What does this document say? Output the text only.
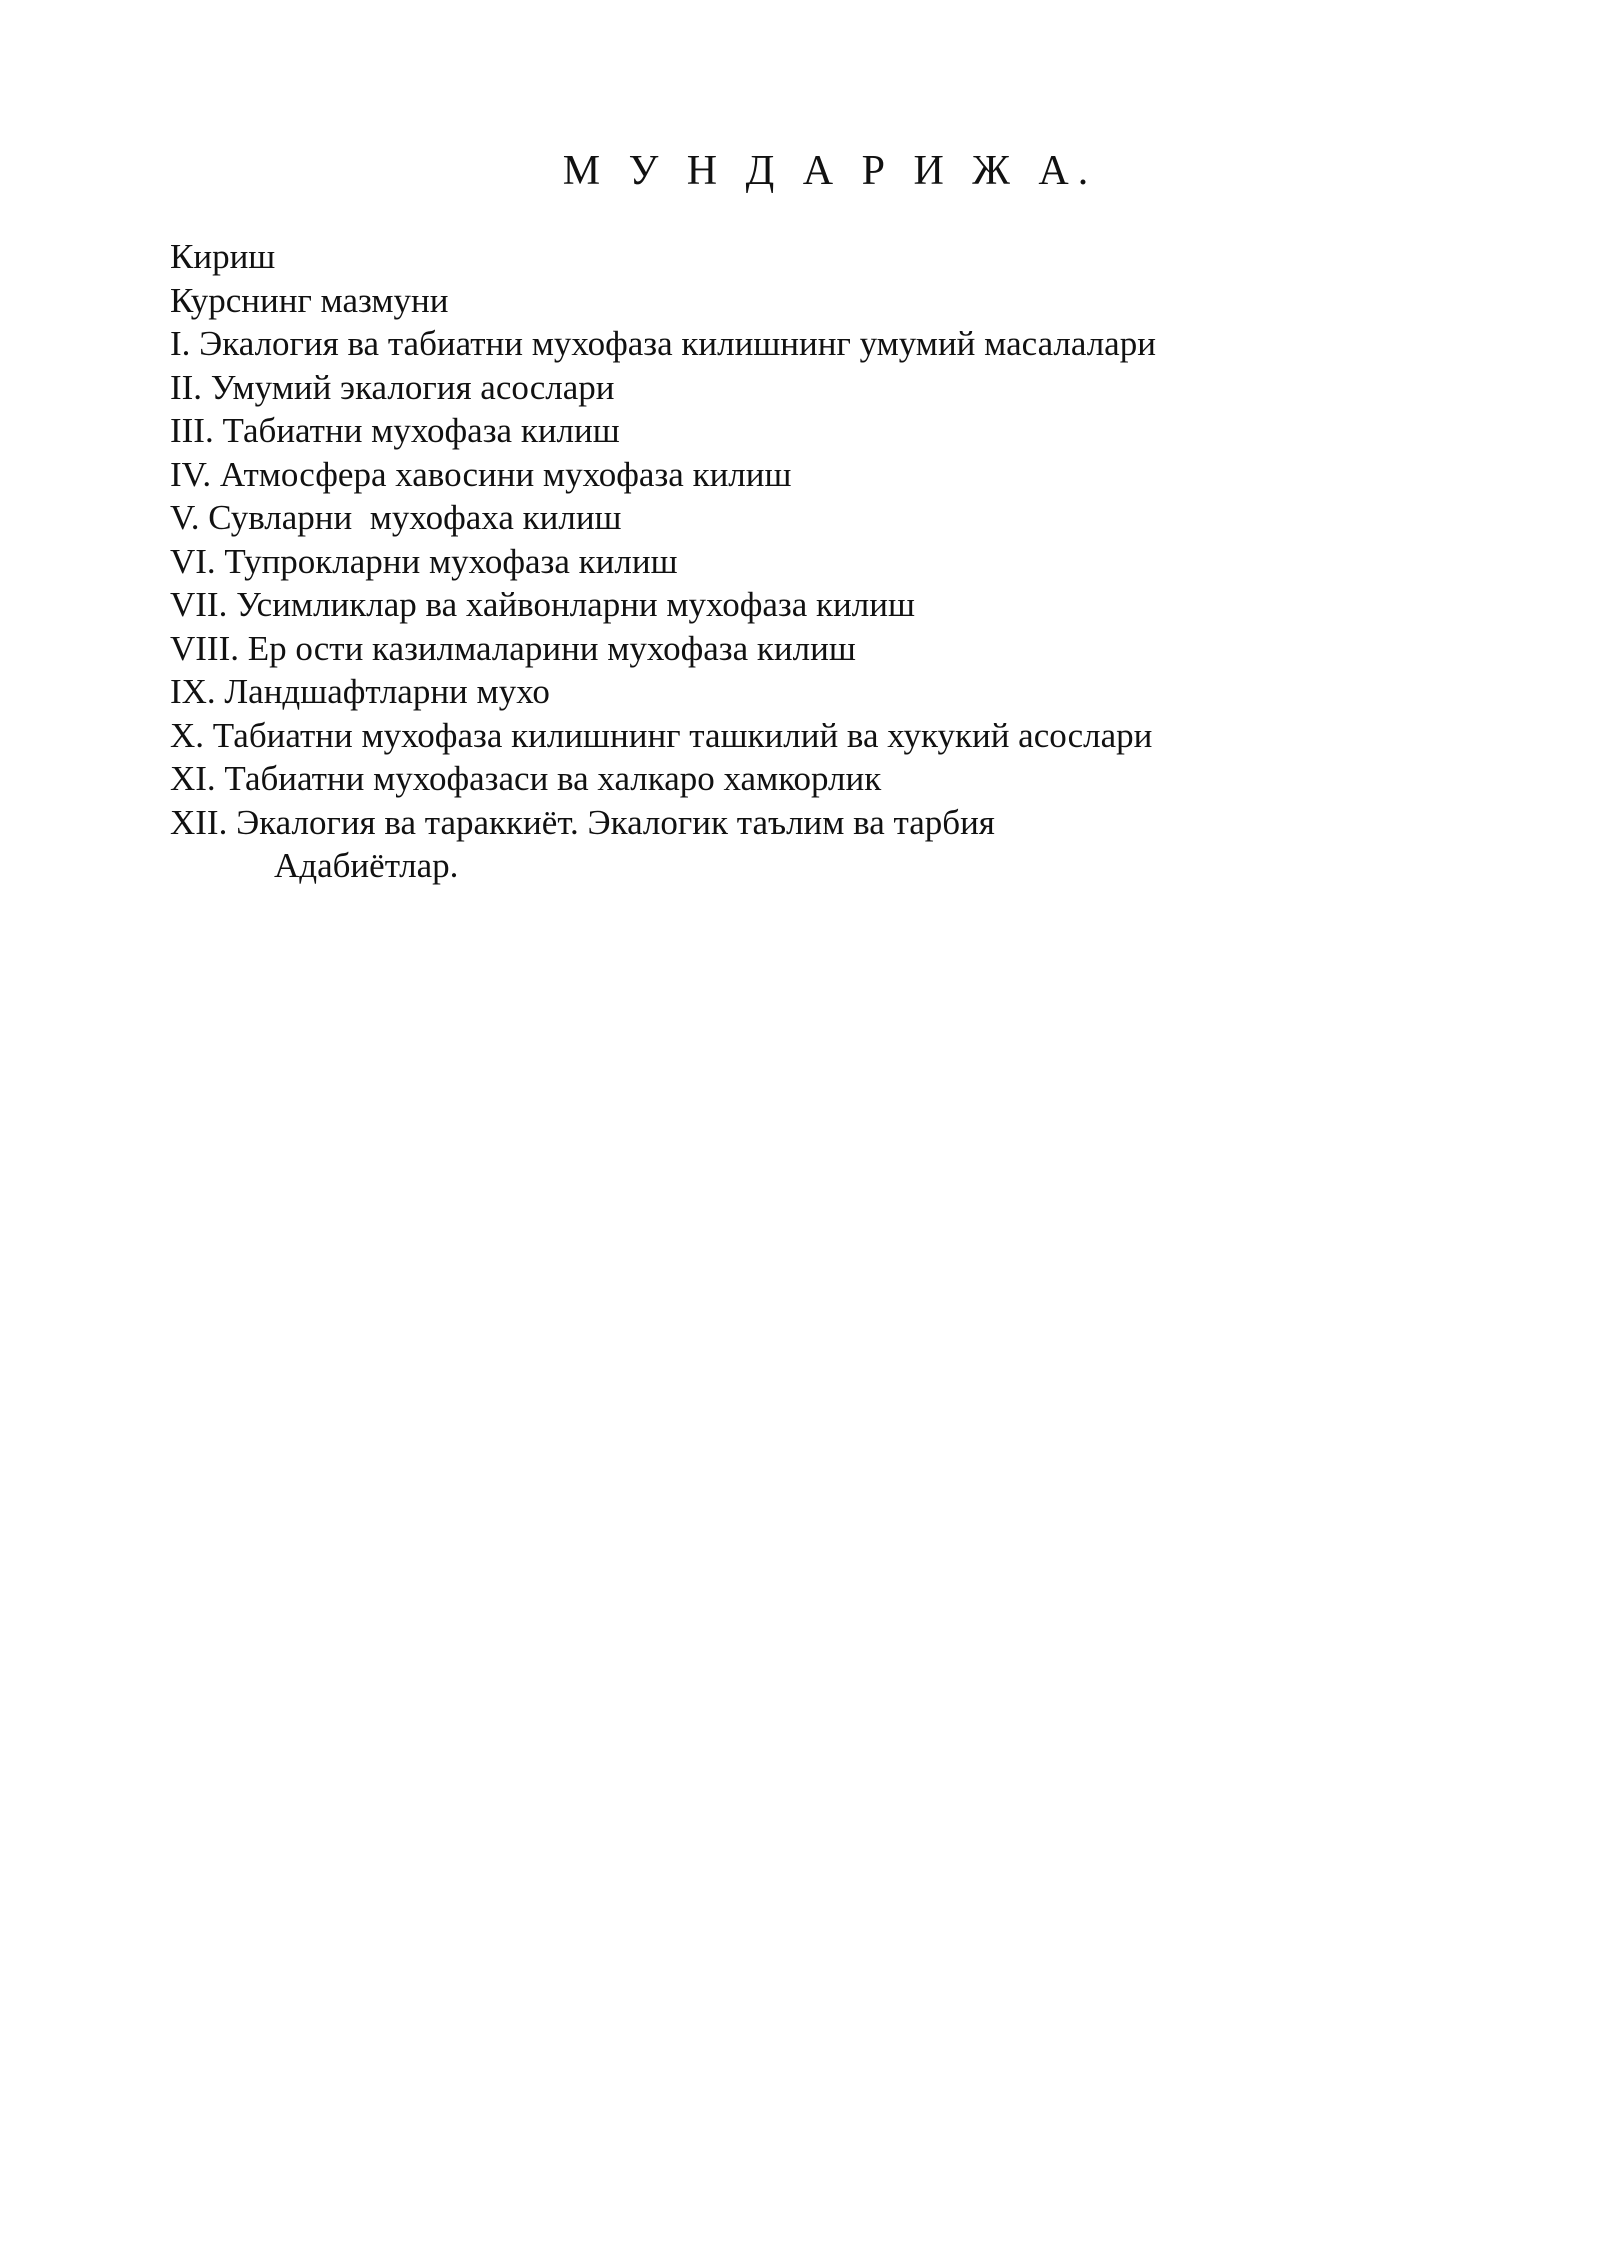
М У Н Д А Р И Ж А.
Кириш
Курснинг мазмуни
I. Экалогия ва табиатни мухофаза килишнинг умумий масалалари
II. Умумий экалогия асослари
III. Табиатни мухофаза килиш
IV. Атмосфера хавосини мухофаза килиш
V. Сувларни  мухофаха килиш
VI. Тупрокларни мухофаза килиш
VII. Усимликлар ва хайвонларни мухофаза килиш
VIII. Ер ости казилмаларини мухофаза килиш
IX. Ландшафтларни мухо
X. Табиатни мухофаза килишнинг ташкилий ва хукукий асослари
XI. Табиатни мухофазаси ва халкаро хамкорлик
XII. Экалогия ва тараккиёт. Экалогик таълим ва тарбия
Адабиётлар.
